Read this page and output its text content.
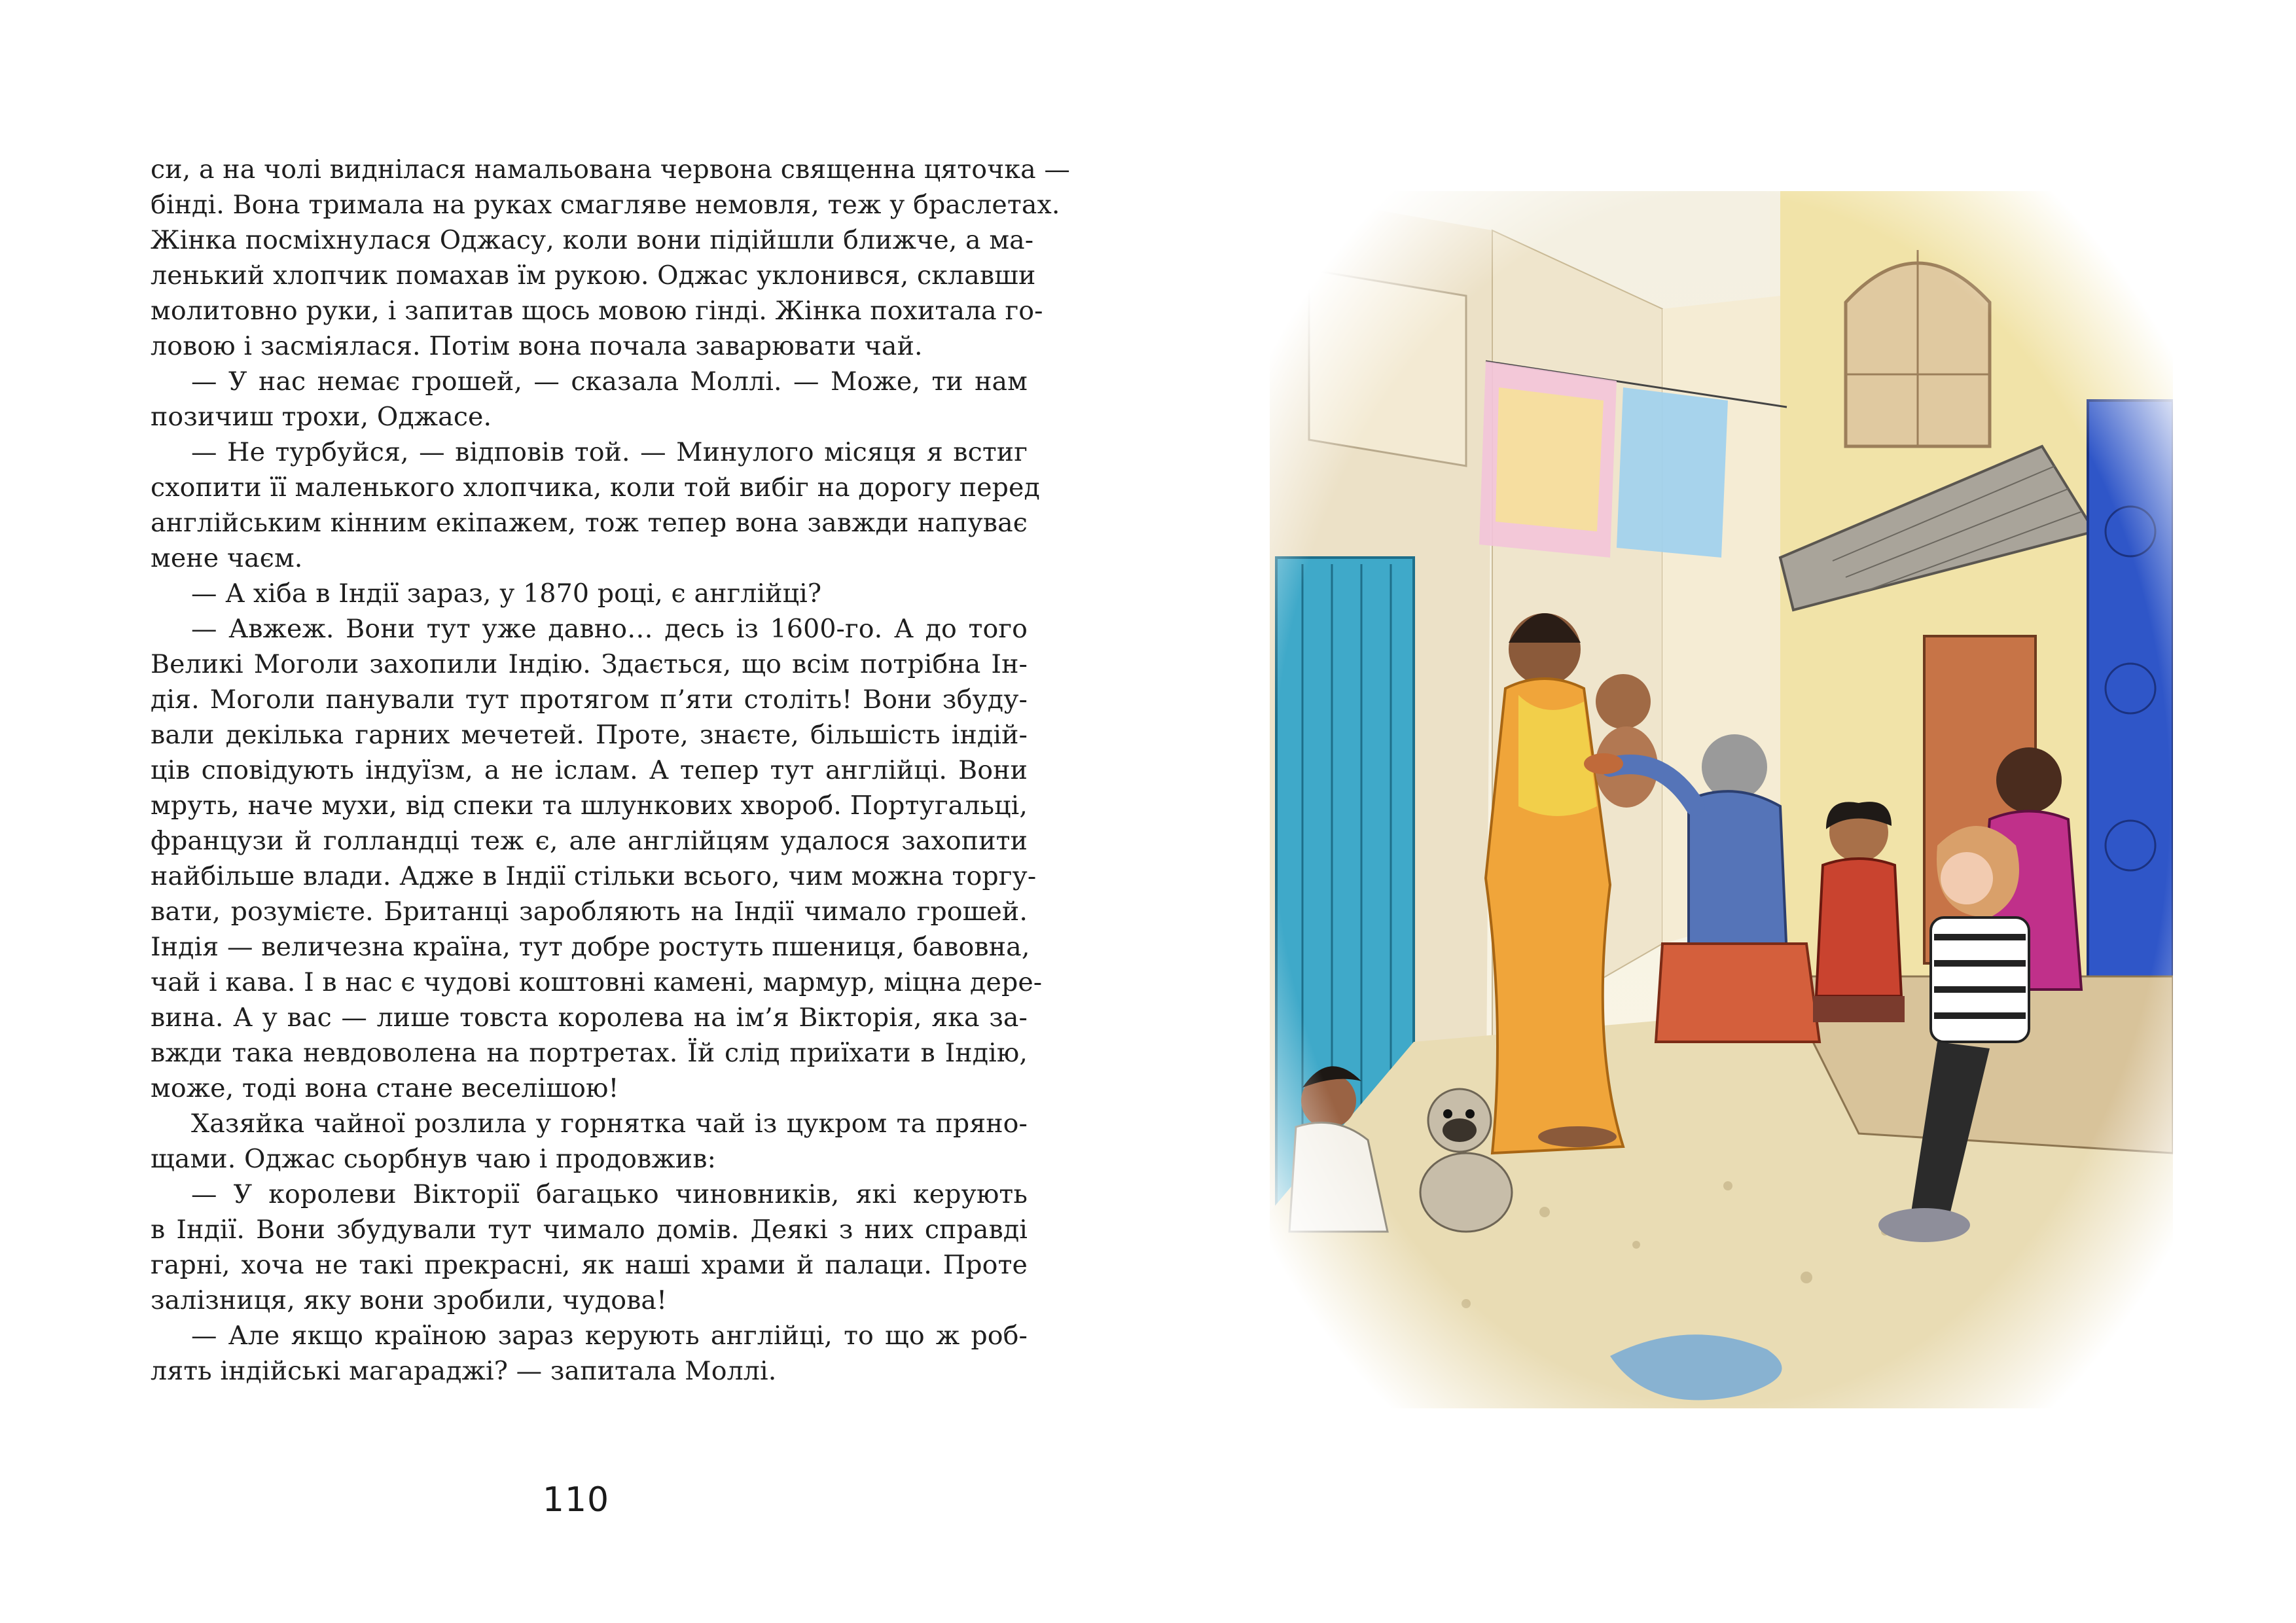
си, а на чолі виднілася намальована червона священна цяточка —
бінді. Вона тримала на руках смагляве немовля, теж у браслетах.
Жінка посміхнулася Оджасу, коли вони підійшли ближче, а ма-
ленький хлопчик помахав їм рукою. Оджас уклонився, склавши
молитовно руки, і запитав щось мовою гінді. Жінка похитала го-
ловою і засміялася. Потім вона почала заварювати чай.
— У нас немає грошей, — сказала Моллі. — Може, ти нам
позичиш трохи, Оджасе.
— Не турбуйся, — відповів той. — Минулого місяця я встиг
схопити її маленького хлопчика, коли той вибіг на дорогу перед
англійським кінним екіпажем, тож тепер вона завжди напуває
мене чаєм.
— А хіба в Індії зараз, у 1870 році, є англійці?
— Авжеж. Вони тут уже давно… десь із 1600-го. А до того
Великі Моголи захопили Індію. Здається, що всім потрібна Ін-
дія. Моголи панували тут протягом п’яти століть! Вони збуду-
вали декілька гарних мечетей. Проте, знаєте, більшість індій-
ців сповідують індуїзм, а не іслам. А тепер тут англійці. Вони
мруть, наче мухи, від спеки та шлункових хвороб. Португальці,
французи й голландці теж є, але англійцям удалося захопити
найбільше влади. Адже в Індії стільки всього, чим можна торгу-
вати, розумієте. Британці заробляють на Індії чимало грошей.
Індія — величезна країна, тут добре ростуть пшениця, бавовна,
чай і кава. І в нас є чудові коштовні камені, мармур, міцна дере-
вина. А у вас — лише товста королева на ім’я Вікторія, яка за-
вжди така невдоволена на портретах. Їй слід приїхати в Індію,
може, тоді вона стане веселішою!
Хазяйка чайної розлила у горнятка чай із цукром та пряно-
щами. Оджас сьорбнув чаю і продовжив:
— У королеви Вікторії багацько чиновників, які керують
в Індії. Вони збудували тут чимало домів. Деякі з них справді
гарні, хоча не такі прекрасні, як наші храми й палаци. Проте
залізниця, яку вони зробили, чудова!
— Але якщо країною зараз керують англійці, то що ж роб-
лять індійські магараджі? — запитала Моллі.
110
